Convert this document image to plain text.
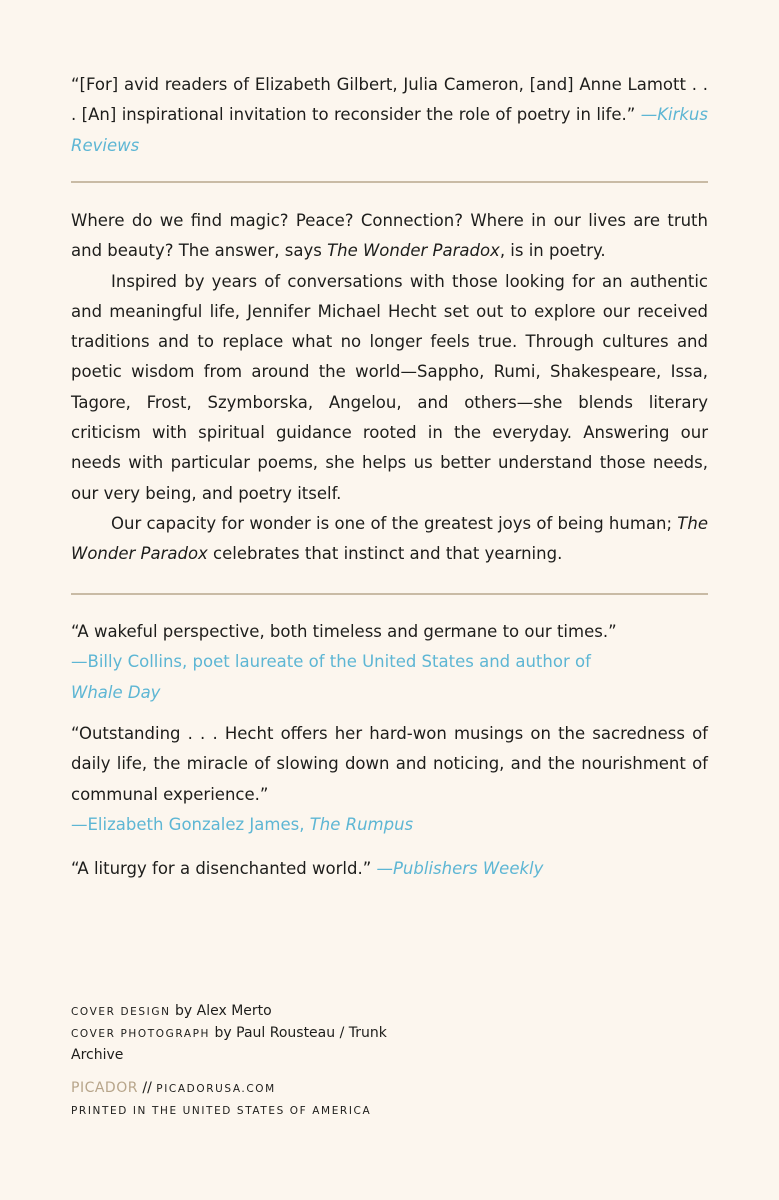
“[For] avid readers of Elizabeth Gilbert, Julia Cameron, [and] Anne Lamott . . . [An] inspirational invitation to reconsider the role of poetry in life.” —Kirkus Reviews

Where do we find magic? Peace? Connection? Where in our lives are truth and beauty? The answer, says The Wonder Paradox, is in poetry.

Inspired by years of conversations with those looking for an authentic and meaningful life, Jennifer Michael Hecht set out to explore our received traditions and to replace what no longer feels true. Through cultures and poetic wisdom from around the world—Sappho, Rumi, Shakespeare, Issa, Tagore, Frost, Szymborska, Angelou, and others—she blends literary criticism with spiritual guidance rooted in the everyday. Answering our needs with particular poems, she helps us better understand those needs, our very being, and poetry itself.

Our capacity for wonder is one of the greatest joys of being human; The Wonder Paradox celebrates that instinct and that yearning.

“A wakeful perspective, both timeless and germane to our times.”

—Billy Collins, poet laureate of the United States and author of
Whale Day

“Outstanding . . . Hecht offers her hard-won musings on the sacredness of daily life, the miracle of slowing down and noticing, and the nourishment of communal experience.”

—Elizabeth Gonzalez James, The Rumpus

“A liturgy for a disenchanted world.” —Publishers Weekly

COVER DESIGN by Alex Merto
COVER PHOTOGRAPH by Paul Rousteau / Trunk Archive
PICADOR // PICADORUSA.COM
PRINTED IN THE UNITED STATES OF AMERICA
